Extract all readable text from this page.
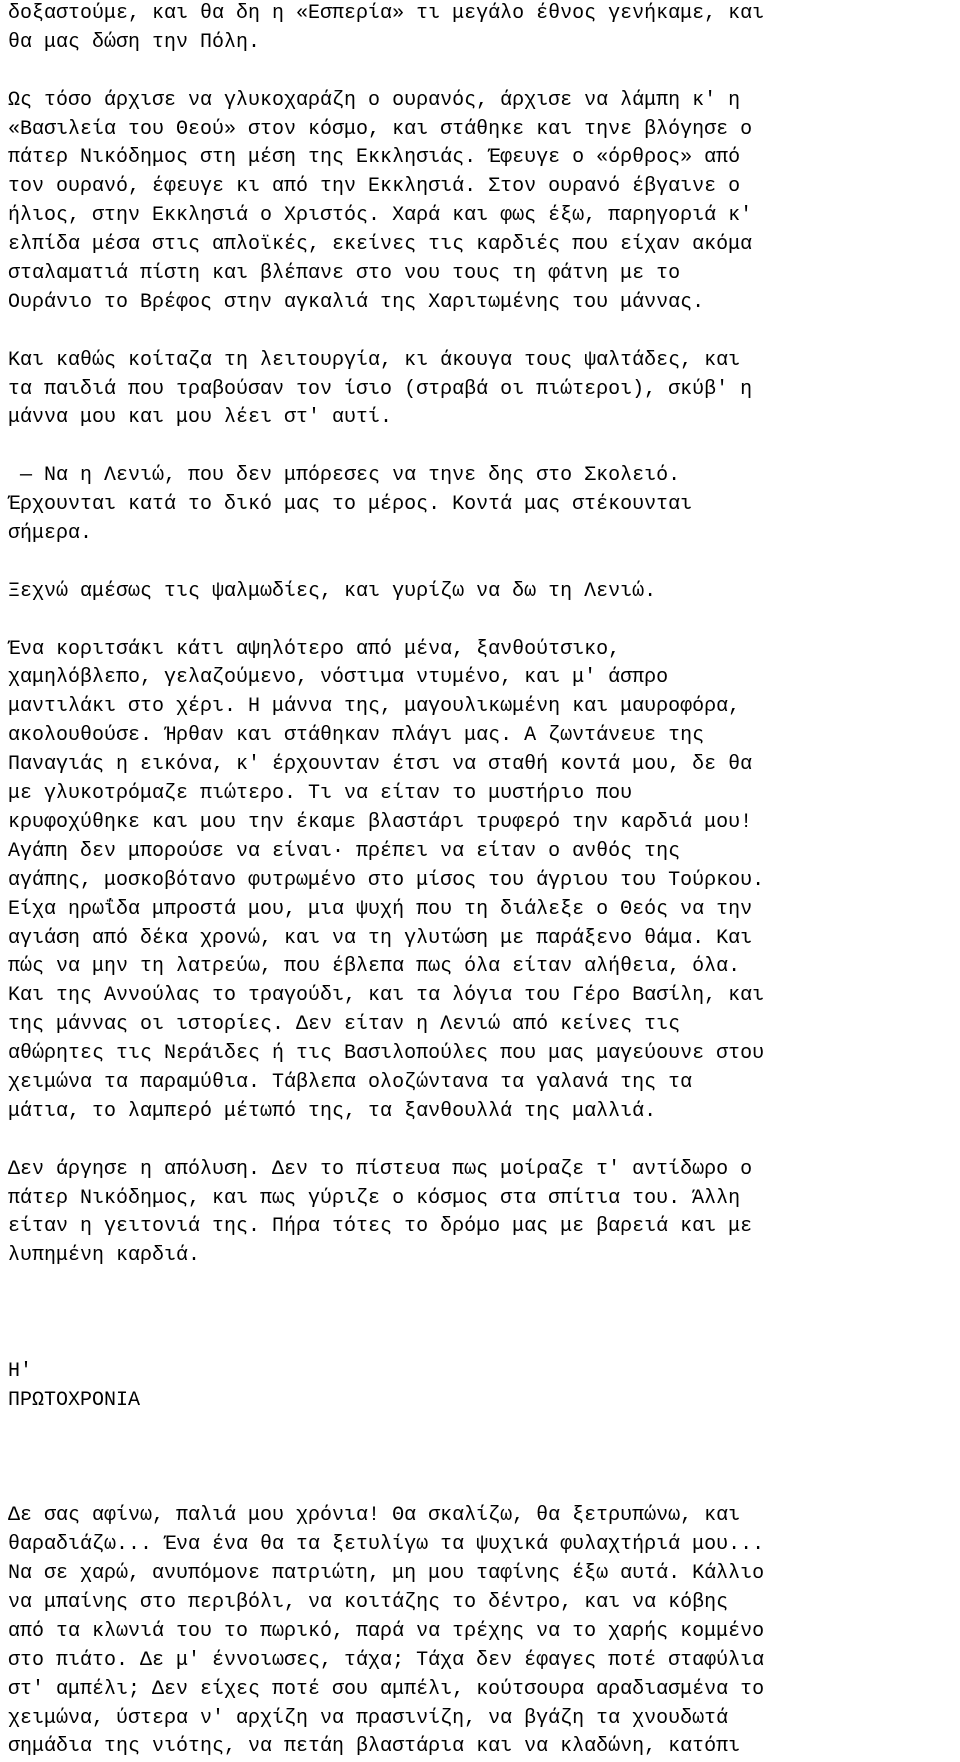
δοξαστούμε, και θα δη η «Εσπερία» τι μεγάλο έθνος γενήκαμε, και
θα μας δώση την Πόλη.
Ως τόσο άρχισε να γλυκοχαράζη ο ουρανός, άρχισε να λάμπη κ' η
«Βασιλεία του Θεού» στον κόσμο, και στάθηκε και τηνε βλόγησε ο
πάτερ Νικόδημος στη μέση της Εκκλησιάς. Έφευγε ο «όρθρος» από
τον ουρανό, έφευγε κι από την Εκκλησιά. Στον ουρανό έβγαινε ο
ήλιος, στην Εκκλησιά ο Χριστός. Χαρά και φως έξω, παρηγοριά κ'
ελπίδα μέσα στις απλοϊκές, εκείνες τις καρδιές που είχαν ακόμα
σταλαματιά πίστη και βλέπανε στο νου τους τη φάτνη με το
Ουράνιο το Βρέφος στην αγκαλιά της Χαριτωμένης του μάννας.
Και καθώς κοίταζα τη λειτουργία, κι άκουγα τους ψαλτάδες, και
τα παιδιά που τραβούσαν τον ίσιο (στραβά οι πιώτεροι), σκύβ' η
μάννα μου και μου λέει στ' αυτί.
— Να η Λενιώ, που δεν μπόρεσες να τηνε δης στο Σκολειό.
Έρχουνται κατά το δικό μας το μέρος. Κοντά μας στέκουνται
σήμερα.
Ξεχνώ αμέσως τις ψαλμωδίες, και γυρίζω να δω τη Λενιώ.
Ένα κοριτσάκι κάτι αψηλότερο από μένα, ξανθούτσικο,
χαμηλόβλεπο, γελαζούμενο, νόστιμα ντυμένο, και μ' άσπρο
μαντιλάκι στο χέρι. Η μάννα της, μαγουλικωμένη και μαυροφόρα,
ακολουθούσε. Ήρθαν και στάθηκαν πλάγι μας. Α ζωντάνευε της
Παναγιάς η εικόνα, κ' έρχουνταν έτσι να σταθή κοντά μου, δε θα
με γλυκοτρόμαζε πιώτερο. Τι να είταν το μυστήριο που
κρυφοχύθηκε και μου την έκαμε βλαστάρι τρυφερό την καρδιά μου!
Αγάπη δεν μπορούσε να είναι· πρέπει να είταν ο ανθός της
αγάπης, μοσκοβότανο φυτρωμένο στο μίσος του άγριου του Τούρκου.
Είχα ηρωΐδα μπροστά μου, μια ψυχή που τη διάλεξε ο Θεός να την
αγιάση από δέκα χρονώ, και να τη γλυτώση με παράξενο θάμα. Και
πώς να μην τη λατρεύω, που έβλεπα πως όλα είταν αλήθεια, όλα.
Και της Αννούλας το τραγούδι, και τα λόγια του Γέρο Βασίλη, και
της μάννας οι ιστορίες. Δεν είταν η Λενιώ από κείνες τις
αθώρητες τις Νεράιδες ή τις Βασιλοπούλες που μας μαγεύουνε στου
χειμώνα τα παραμύθια. Τάβλεπα ολοζώντανα τα γαλανά της τα
μάτια, το λαμπερό μέτωπό της, τα ξανθουλλά της μαλλιά.
Δεν άργησε η απόλυση. Δεν το πίστευα πως μοίραζε τ' αντίδωρο ο
πάτερ Νικόδημος, και πως γύριζε ο κόσμος στα σπίτια του. Άλλη
είταν η γειτονιά της. Πήρα τότες το δρόμο μας με βαρειά και με
λυπημένη καρδιά.
Η'
ΠΡΩΤΟΧΡΟΝΙΑ
Δε σας αφίνω, παλιά μου χρόνια! Θα σκαλίζω, θα ξετρυπώνω, και
θαραδιάζω... Ένα ένα θα τα ξετυλίγω τα ψυχικά φυλαχτήριά μου...
Να σε χαρώ, ανυπόμονε πατριώτη, μη μου ταφίνης έξω αυτά. Κάλλιο
να μπαίνης στο περιβόλι, να κοιτάζης το δέντρο, και να κόβης
από τα κλωνιά του το πωρικό, παρά να τρέχης να το χαρής κομμένο
στο πιάτο. Δε μ' έννοιωσες, τάχα; Τάχα δεν έφαγες ποτέ σταφύλια
στ' αμπέλι; Δεν είχες ποτέ σου αμπέλι, κούτσουρα αραδιασμένα το
χειμώνα, ύστερα ν' αρχίζη να πρασινίζη, να βγάζη τα χνουδωτά
σημάδια της νιότης, να πετάη βλαστάρια και να κλαδώνη, κατόπι
